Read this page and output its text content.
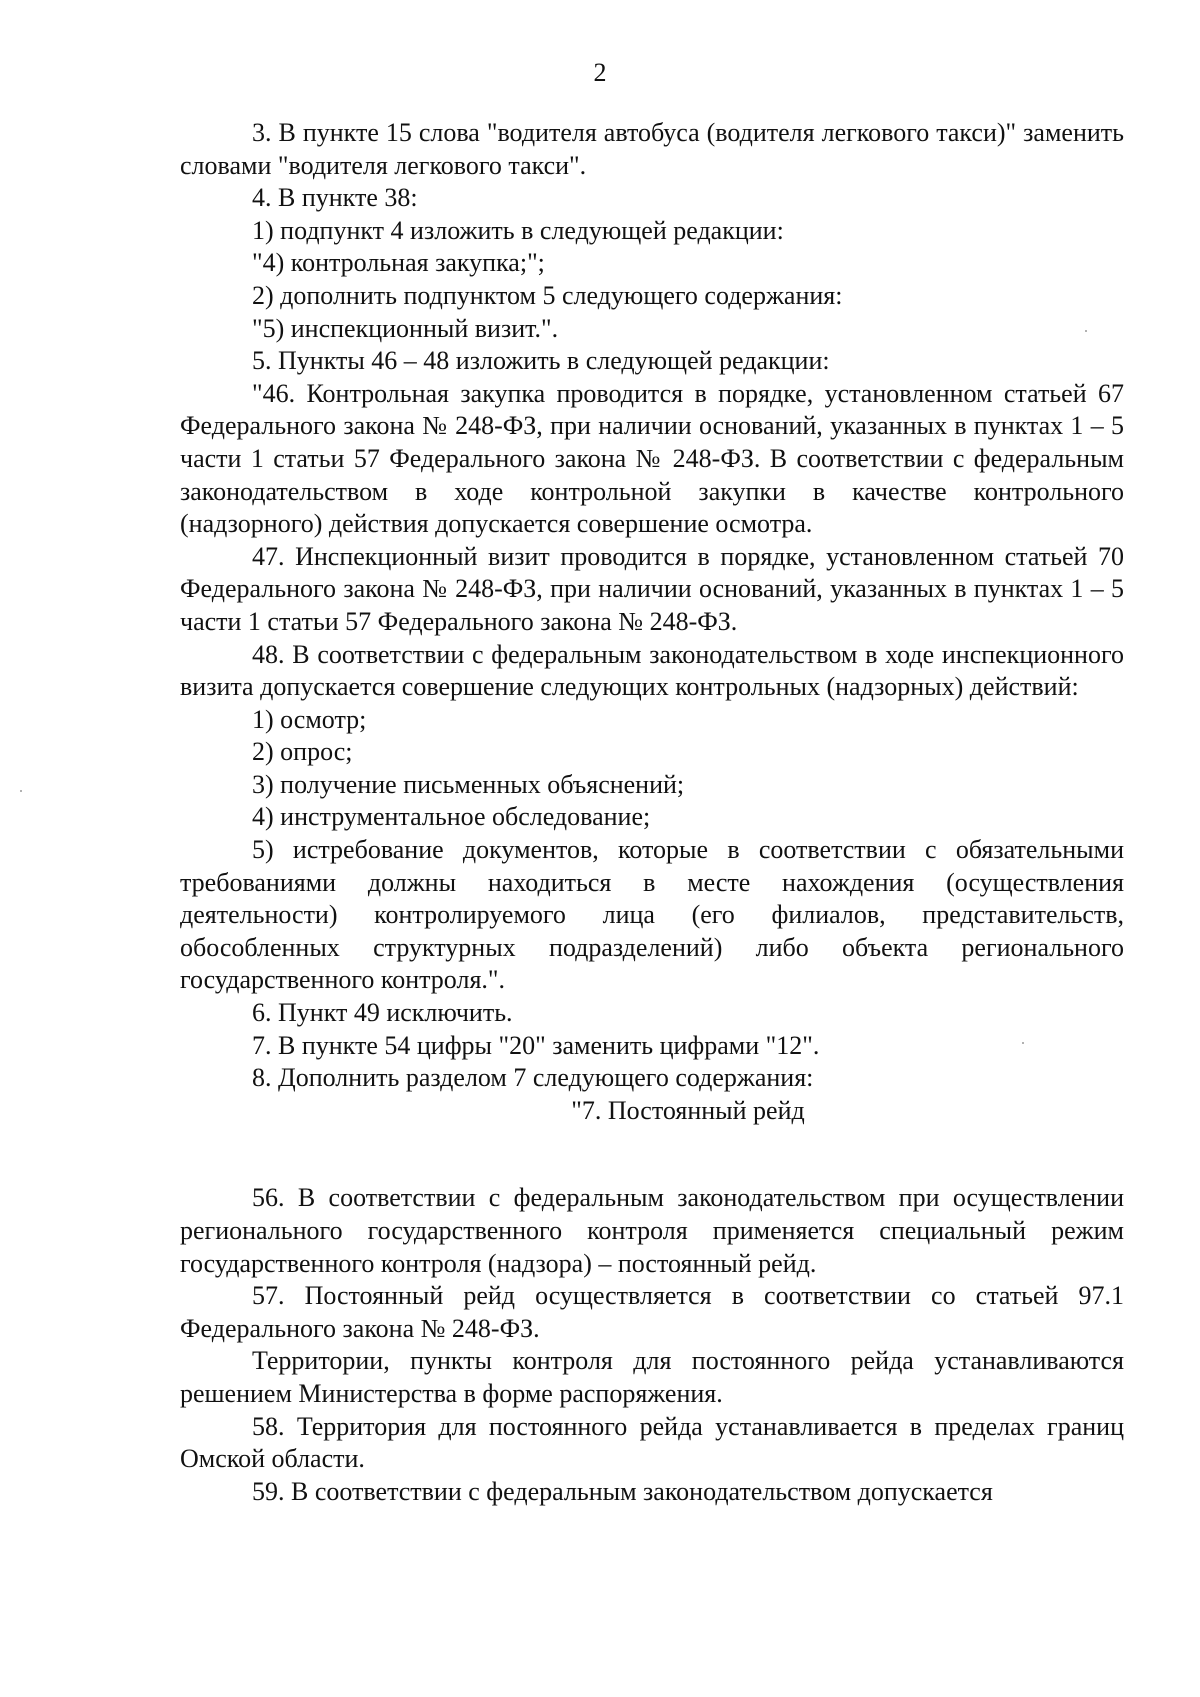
2

3. В пункте 15 слова "водителя автобуса (водителя легкового такси)" заменить словами "водителя легкового такси".

4. В пункте 38:

1) подпункт 4 изложить в следующей редакции:

"4) контрольная закупка;";

2) дополнить подпунктом 5 следующего содержания:

"5) инспекционный визит.".

5. Пункты 46 – 48 изложить в следующей редакции:

"46. Контрольная закупка проводится в порядке, установленном статьей 67 Федерального закона № 248-ФЗ, при наличии оснований, указанных в пунктах 1 – 5 части 1 статьи 57 Федерального закона № 248-ФЗ. В соответствии с федеральным законодательством в ходе контрольной закупки в качестве контрольного (надзорного) действия допускается совершение осмотра.

47. Инспекционный визит проводится в порядке, установленном статьей 70 Федерального закона № 248-ФЗ, при наличии оснований, указанных в пунктах 1 – 5 части 1 статьи 57 Федерального закона № 248-ФЗ.

48. В соответствии с федеральным законодательством в ходе инспекционного визита допускается совершение следующих контрольных (надзорных) действий:

1) осмотр;

2) опрос;

3) получение письменных объяснений;

4) инструментальное обследование;

5) истребование документов, которые в соответствии с обязательными требованиями должны находиться в месте нахождения (осуществления деятельности) контролируемого лица (его филиалов, представительств, обособленных структурных подразделений) либо объекта регионального государственного контроля.".

6. Пункт 49 исключить.

7. В пункте 54 цифры "20" заменить цифрами "12".

8. Дополнить разделом 7 следующего содержания:

"7. Постоянный рейд

56. В соответствии с федеральным законодательством при осуществлении регионального государственного контроля применяется специальный режим государственного контроля (надзора) – постоянный рейд.

57. Постоянный рейд осуществляется в соответствии со статьей 97.1 Федерального закона № 248-ФЗ.

Территории, пункты контроля для постоянного рейда устанавливаются решением Министерства в форме распоряжения.

58. Территория для постоянного рейда устанавливается в пределах границ Омской области.

59. В соответствии с федеральным законодательством допускается
